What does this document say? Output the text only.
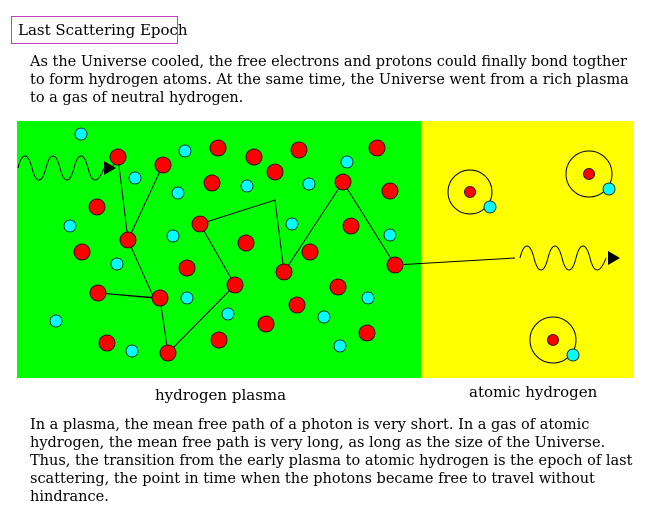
Last Scattering Epoch
As the Universe cooled, the free electrons and protons could finally bond togther to form hydrogen atoms. At the same time, the Universe went from a rich plasma to a gas of neutral hydrogen.
hydrogen plasma	atomic hydrogen
In a plasma, the mean free path of a photon is very short. In a gas of atomic hydrogen, the mean free path is very long, as long as the size of the Universe. Thus, the transition from the early plasma to atomic hydrogen is the epoch of last scattering, the point in time when the photons became free to travel without hindrance.
